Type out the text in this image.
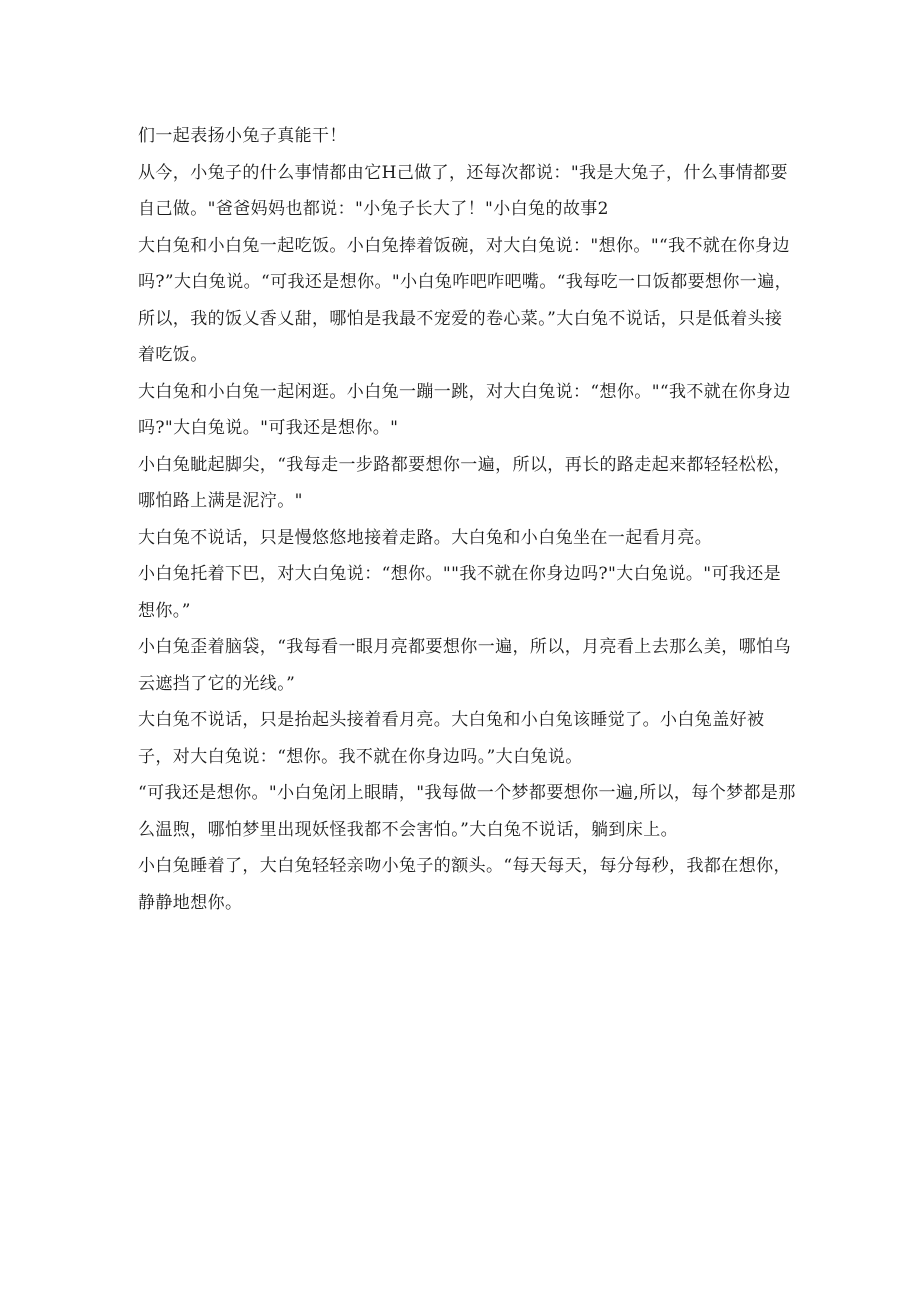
们一起表扬小兔子真能干！

从今，小兔子的什么事情都由它H己做了，还每次都说："我是大兔子，什么事情都要自己做。"爸爸妈妈也都说："小兔子长大了！"小白兔的故事2

大白兔和小白兔一起吃饭。小白兔捧着饭碗，对大白兔说："想你。"“我不就在你身边吗?”大白兔说。“可我还是想你。"小白兔咋吧咋吧嘴。“我每吃一口饭都要想你一遍，所以，我的饭乂香乂甜，哪怕是我最不宠爱的卷心菜。”大白兔不说话，只是低着头接着吃饭。

大白兔和小白兔一起闲逛。小白兔一蹦一跳，对大白兔说：“想你。"“我不就在你身边吗?"大白兔说。"可我还是想你。"

小白兔眦起脚尖，“我每走一步路都要想你一遍，所以，再长的路走起来都轻轻松松，哪怕路上满是泥泞。"

大白兔不说话，只是慢悠悠地接着走路。大白兔和小白兔坐在一起看月亮。

小白兔托着下巴，对大白兔说：“想你。""我不就在你身边吗?"大白兔说。"可我还是想你。”

小白兔歪着脑袋，“我每看一眼月亮都要想你一遍，所以，月亮看上去那么美，哪怕乌云遮挡了它的光线。”

大白兔不说话，只是抬起头接着看月亮。大白兔和小白兔该睡觉了。小白兔盖好被子，对大白兔说：“想你。我不就在你身边吗。”大白兔说。

“可我还是想你。"小白兔闭上眼睛，"我每做一个梦都要想你一遍,所以，每个梦都是那么温煦，哪怕梦里出现妖怪我都不会害怕。”大白兔不说话，躺到床上。

小白兔睡着了，大白兔轻轻亲吻小兔子的额头。“每天每天，每分每秒，我都在想你，静静地想你。
